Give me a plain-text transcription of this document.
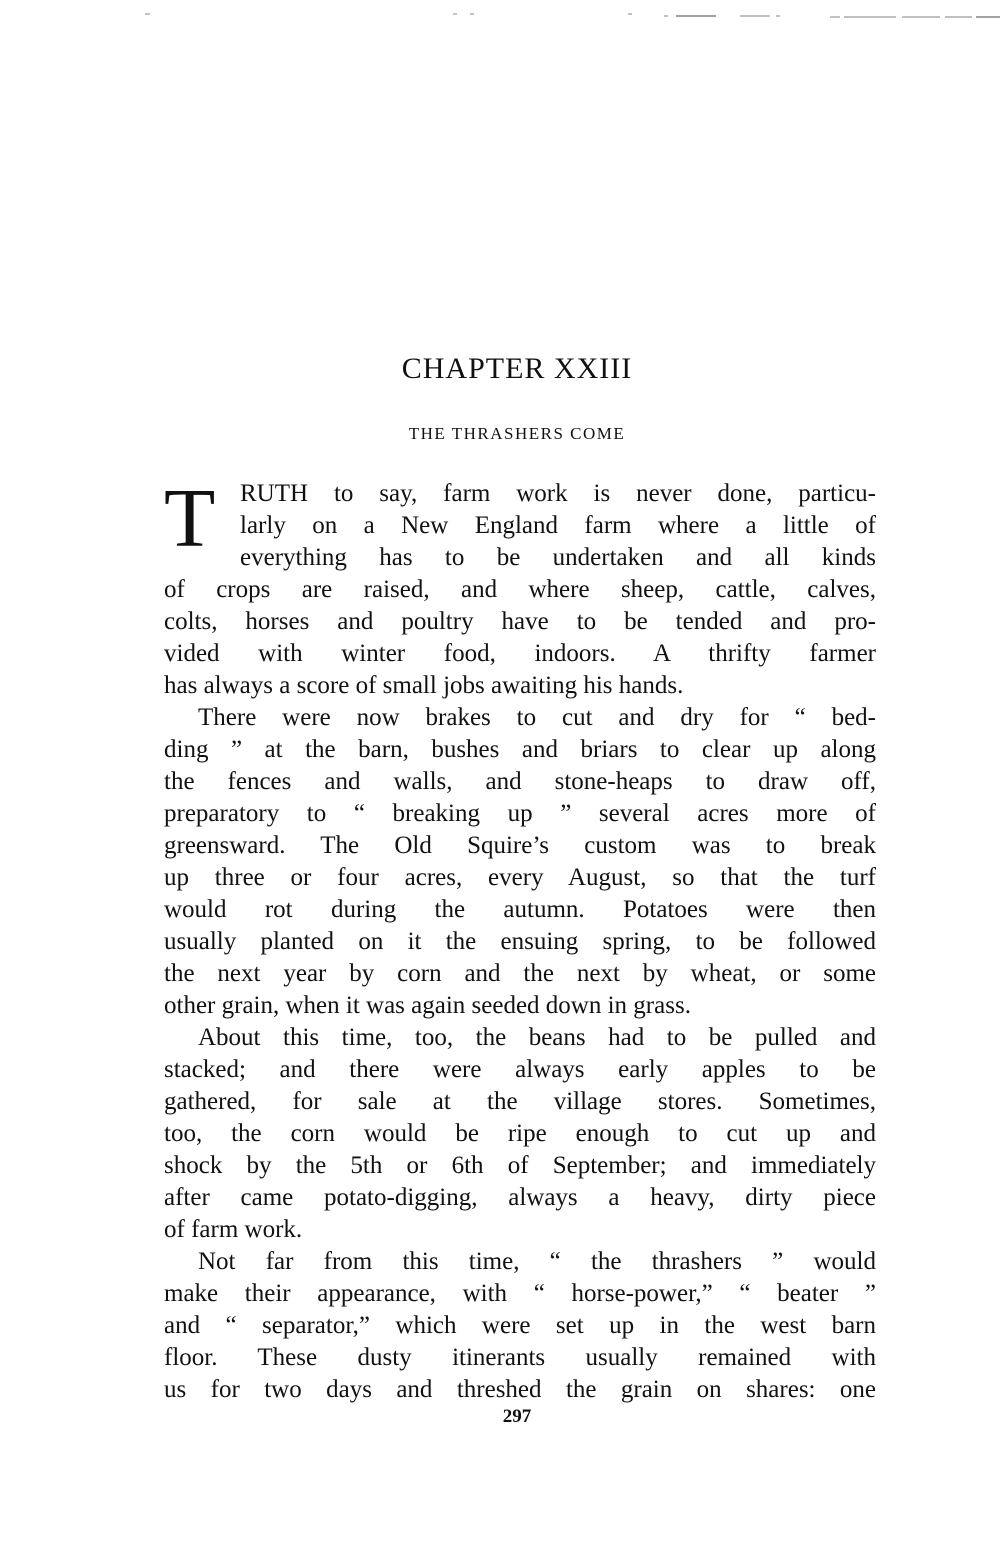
CHAPTER XXIII
THE THRASHERS COME
T RUTH to say, farm work is never done, particu-
larly on a New England farm where a little of
everything has to be undertaken and all kinds
of crops are raised, and where sheep, cattle, calves,
colts, horses and poultry have to be tended and pro-
vided with winter food, indoors. A thrifty farmer
has always a score of small jobs awaiting his hands.
There were now brakes to cut and dry for “ bed-
ding ” at the barn, bushes and briars to clear up along
the fences and walls, and stone-heaps to draw off,
preparatory to “ breaking up ” several acres more of
greensward. The Old Squire’s custom was to break
up three or four acres, every August, so that the turf
would rot during the autumn. Potatoes were then
usually planted on it the ensuing spring, to be followed
the next year by corn and the next by wheat, or some
other grain, when it was again seeded down in grass.
About this time, too, the beans had to be pulled and
stacked; and there were always early apples to be
gathered, for sale at the village stores. Sometimes,
too, the corn would be ripe enough to cut up and
shock by the 5th or 6th of September; and immediately
after came potato-digging, always a heavy, dirty piece
of farm work.
Not far from this time, “ the thrashers ” would
make their appearance, with “ horse-power,” “ beater ”
and “ separator,” which were set up in the west barn
floor. These dusty itinerants usually remained with
us for two days and threshed the grain on shares: one
297
